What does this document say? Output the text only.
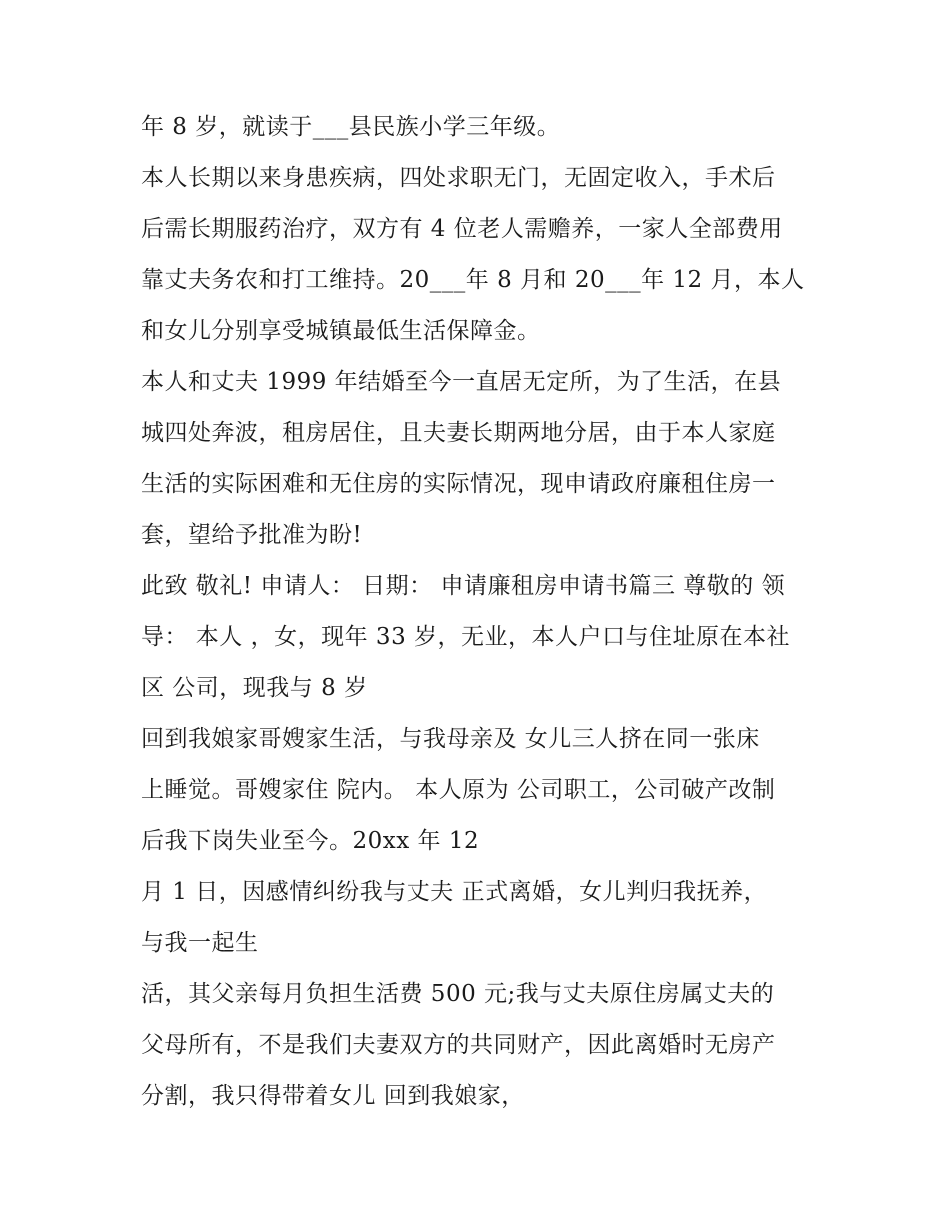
年 8 岁，就读于___县民族小学三年级。
本人长期以来身患疾病，四处求职无门，无固定收入，手术后
后需长期服药治疗，双方有 4 位老人需赡养，一家人全部费用
靠丈夫务农和打工维持。20___年 8 月和 20___年 12 月，本人
和女儿分别享受城镇最低生活保障金。
本人和丈夫 1999 年结婚至今一直居无定所，为了生活，在县
城四处奔波，租房居住，且夫妻长期两地分居，由于本人家庭
生活的实际困难和无住房的实际情况，现申请政府廉租住房一
套，望给予批准为盼!
此致 敬礼! 申请人： 日期： 申请廉租房申请书篇三 尊敬的 领
导： 本人 ，女，现年 33 岁，无业，本人户口与住址原在本社
区 公司，现我与 8 岁
回到我娘家哥嫂家生活，与我母亲及 女儿三人挤在同一张床
上睡觉。哥嫂家住 院内。 本人原为 公司职工，公司破产改制
后我下岗失业至今。20xx 年 12
月 1 日，因感情纠纷我与丈夫 正式离婚，女儿判归我抚养，
与我一起生
活，其父亲每月负担生活费 500 元;我与丈夫原住房属丈夫的
父母所有，不是我们夫妻双方的共同财产，因此离婚时无房产
分割，我只得带着女儿 回到我娘家，
